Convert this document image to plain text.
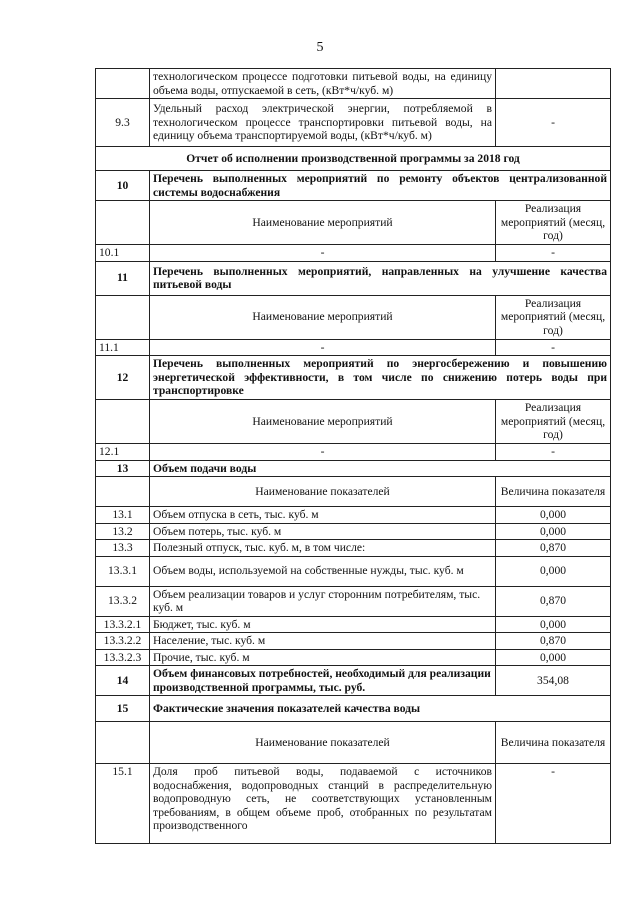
5
	технологическом процессе подготовки питьевой воды, на единицу объема воды, отпускаемой в сеть, (кВт*ч/куб. м)	
9.3	Удельный расход электрической энергии, потребляемой в технологическом процессе транспортировки питьевой воды, на единицу объема транспортируемой воды, (кВт*ч/куб. м)	-
Отчет об исполнении производственной программы за 2018 год		
10	Перечень выполненных мероприятий по ремонту объектов централизованной системы водоснабжения	
	Наименование мероприятий	Реализация мероприятий (месяц, год)
10.1	-	-
11	Перечень выполненных мероприятий, направленных на улучшение качества питьевой воды	
	Наименование мероприятий	Реализация мероприятий (месяц, год)
11.1	-	-
12	Перечень выполненных мероприятий по энергосбережению и повышению энергетической эффективности, в том числе по снижению потерь воды при транспортировке	
	Наименование мероприятий	Реализация мероприятий (месяц, год)
12.1	-	-
13	Объем подачи воды	
	Наименование показателей	Величина показателя
13.1	Объем отпуска в сеть, тыс. куб. м	0,000
13.2	Объем потерь, тыс. куб. м	0,000
13.3	Полезный отпуск, тыс. куб. м, в том числе:	0,870
13.3.1	Объем воды, используемой на собственные нужды, тыс. куб. м	0,000
13.3.2	Объем реализации товаров и услуг сторонним потребителям, тыс. куб. м	0,870
13.3.2.1	Бюджет, тыс. куб. м	0,000
13.3.2.2	Население, тыс. куб. м	0,870
13.3.2.3	Прочие, тыс. куб. м	0,000
14	Объем финансовых потребностей, необходимый для реализации производственной программы, тыс. руб.	354,08
15	Фактические значения показателей качества воды	
	Наименование показателей	Величина показателя
15.1	Доля проб питьевой воды, подаваемой с источников водоснабжения, водопроводных станций в распределительную водопроводную сеть, не соответствующих установленным требованиям, в общем объеме проб, отобранных по результатам производственного	-
